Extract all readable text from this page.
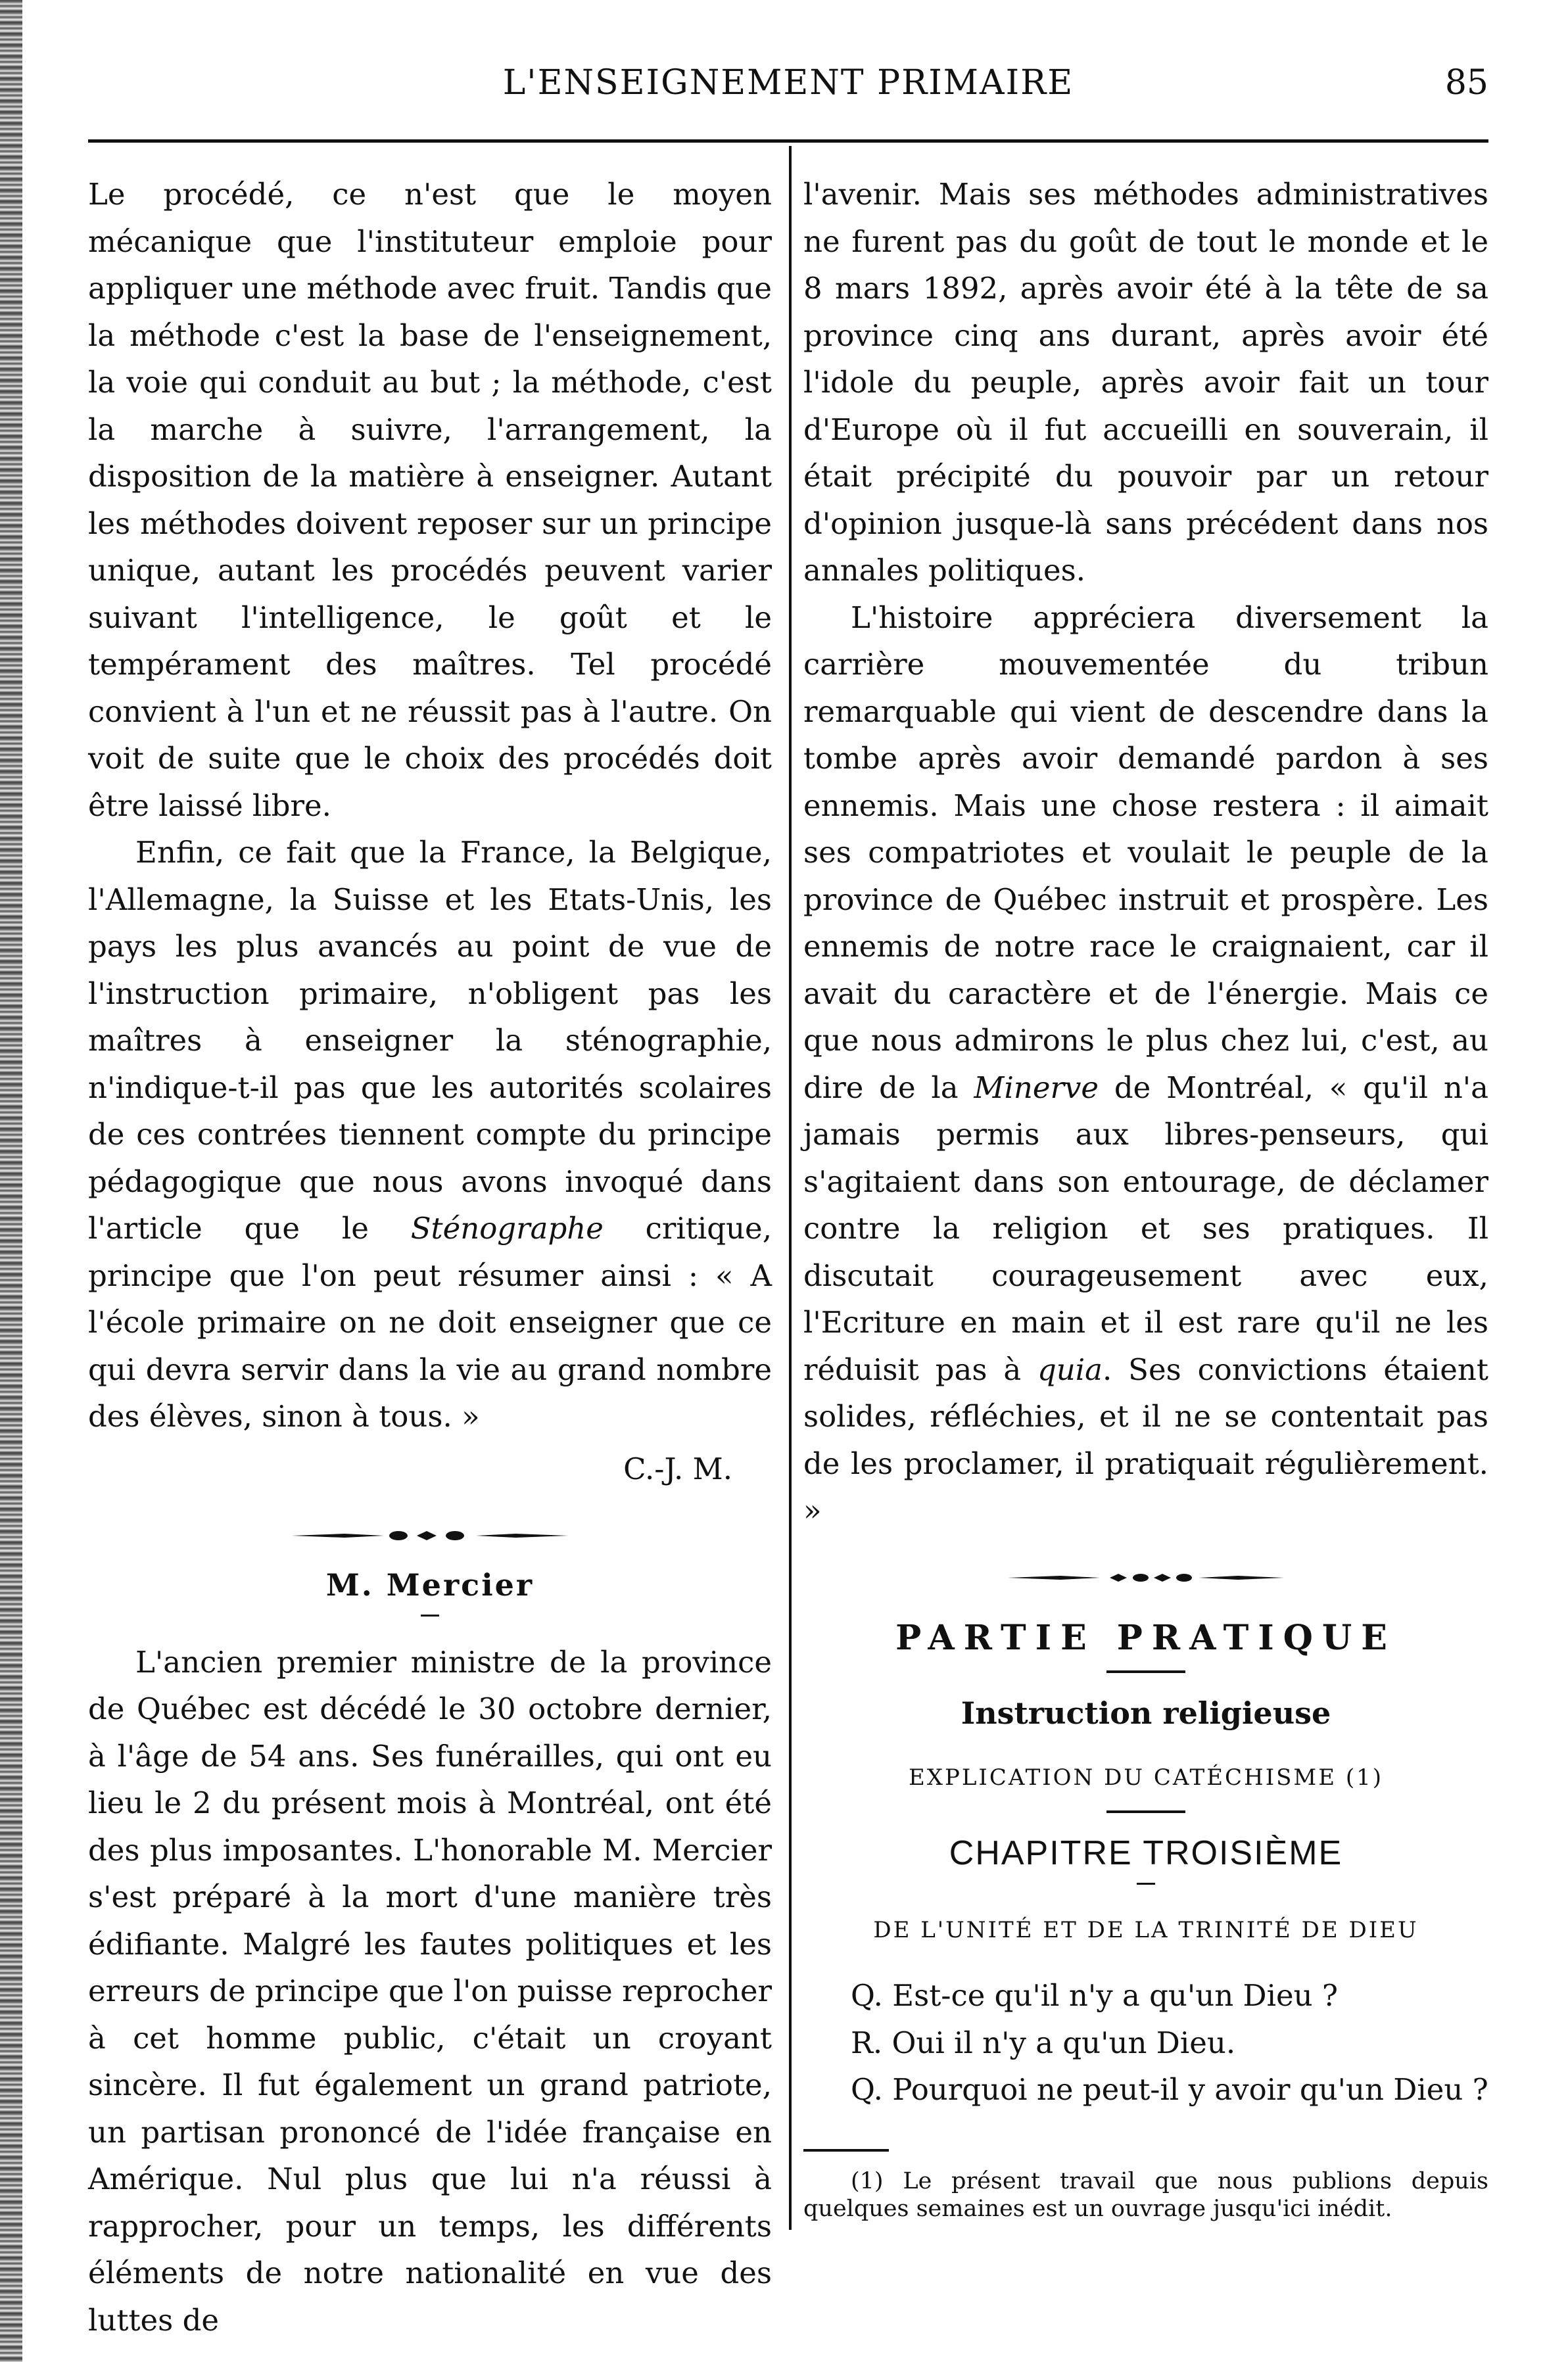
L'ENSEIGNEMENT PRIMAIRE	85

Le procédé, ce n'est que le moyen mécanique que l'instituteur emploie pour appliquer une méthode avec fruit. Tandis que la méthode c'est la base de l'enseignement, la voie qui conduit au but ; la méthode, c'est la marche à suivre, l'arrangement, la disposition de la matière à enseigner. Autant les méthodes doivent reposer sur un principe unique, autant les procédés peuvent varier suivant l'intelligence, le goût et le tempérament des maîtres. Tel procédé convient à l'un et ne réussit pas à l'autre. On voit de suite que le choix des procédés doit être laissé libre.

Enfin, ce fait que la France, la Belgique, l'Allemagne, la Suisse et les Etats-Unis, les pays les plus avancés au point de vue de l'instruction primaire, n'obligent pas les maîtres à enseigner la sténographie, n'indique-t-il pas que les autorités scolaires de ces contrées tiennent compte du principe pédagogique que nous avons invoqué dans l'article que le Sténographe critique, principe que l'on peut résumer ainsi : « A l'école primaire on ne doit enseigner que ce qui devra servir dans la vie au grand nombre des élèves, sinon à tous. »

C.-J. M.

M. Mercier

L'ancien premier ministre de la province de Québec est décédé le 30 octobre dernier, à l'âge de 54 ans. Ses funérailles, qui ont eu lieu le 2 du présent mois à Montréal, ont été des plus imposantes. L'honorable M. Mercier s'est préparé à la mort d'une manière très édifiante. Malgré les fautes politiques et les erreurs de principe que l'on puisse reprocher à cet homme public, c'était un croyant sincère. Il fut également un grand patriote, un partisan prononcé de l'idée française en Amérique. Nul plus que lui n'a réussi à rapprocher, pour un temps, les différents éléments de notre nationalité en vue des luttes de

l'avenir. Mais ses méthodes administratives ne furent pas du goût de tout le monde et le 8 mars 1892, après avoir été à la tête de sa province cinq ans durant, après avoir été l'idole du peuple, après avoir fait un tour d'Europe où il fut accueilli en souverain, il était précipité du pouvoir par un retour d'opinion jusque-là sans précédent dans nos annales politiques.

L'histoire appréciera diversement la carrière mouvementée du tribun remarquable qui vient de descendre dans la tombe après avoir demandé pardon à ses ennemis. Mais une chose restera : il aimait ses compatriotes et voulait le peuple de la province de Québec instruit et prospère. Les ennemis de notre race le craignaient, car il avait du caractère et de l'énergie. Mais ce que nous admirons le plus chez lui, c'est, au dire de la Minerve de Montréal, « qu'il n'a jamais permis aux libres-penseurs, qui s'agitaient dans son entourage, de déclamer contre la religion et ses pratiques. Il discutait courageusement avec eux, l'Ecriture en main et il est rare qu'il ne les réduisit pas à quia. Ses convictions étaient solides, réfléchies, et il ne se contentait pas de les proclamer, il pratiquait régulièrement. »

PARTIE PRATIQUE
Instruction religieuse
EXPLICATION DU CATÉCHISME (1)
CHAPITRE TROISIÈME
DE L'UNITÉ ET DE LA TRINITÉ DE DIEU

Q. Est-ce qu'il n'y a qu'un Dieu ?

R. Oui il n'y a qu'un Dieu.

Q. Pourquoi ne peut-il y avoir qu'un Dieu ?

(1) Le présent travail que nous publions depuis quelques semaines est un ouvrage jusqu'ici inédit.
